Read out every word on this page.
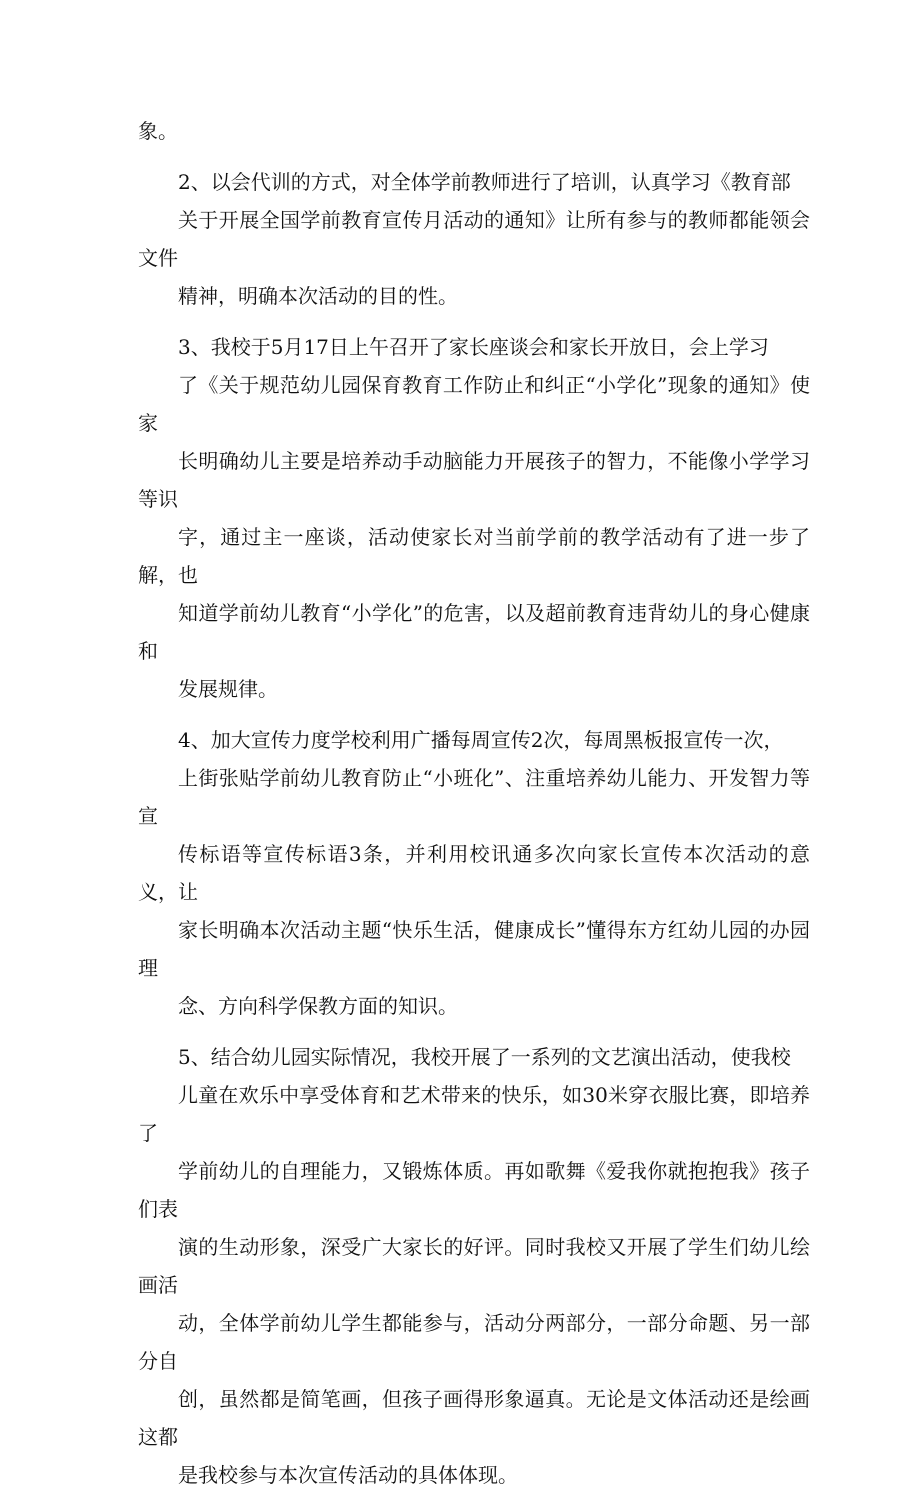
象。

2、以会代训的方式，对全体学前教师进行了培训，认真学习《教育部
关于开展全国学前教育宣传月活动的通知》让所有参与的教师都能领会文件
精神，明确本次活动的目的性。

3、我校于5月17日上午召开了家长座谈会和家长开放日，会上学习
了《关于规范幼儿园保育教育工作防止和纠正“小学化”现象的通知》使家
长明确幼儿主要是培养动手动脑能力开展孩子的智力，不能像小学学习等识
字，通过主一座谈，活动使家长对当前学前的教学活动有了进一步了解，也
知道学前幼儿教育“小学化”的危害，以及超前教育违背幼儿的身心健康和
发展规律。

4、加大宣传力度学校利用广播每周宣传2次，每周黑板报宣传一次，
上街张贴学前幼儿教育防止“小班化”、注重培养幼儿能力、开发智力等宣
传标语等宣传标语3条，并利用校讯通多次向家长宣传本次活动的意义，让
家长明确本次活动主题“快乐生活，健康成长”懂得东方红幼儿园的办园理
念、方向科学保教方面的知识。

5、结合幼儿园实际情况，我校开展了一系列的文艺演出活动，使我校
儿童在欢乐中享受体育和艺术带来的快乐，如30米穿衣服比赛，即培养了
学前幼儿的自理能力，又锻炼体质。再如歌舞《爱我你就抱抱我》孩子们表
演的生动形象，深受广大家长的好评。同时我校又开展了学生们幼儿绘画活
动，全体学前幼儿学生都能参与，活动分两部分，一部分命题、另一部分自
创，虽然都是简笔画，但孩子画得形象逼真。无论是文体活动还是绘画这都
是我校参与本次宣传活动的具体体现。
